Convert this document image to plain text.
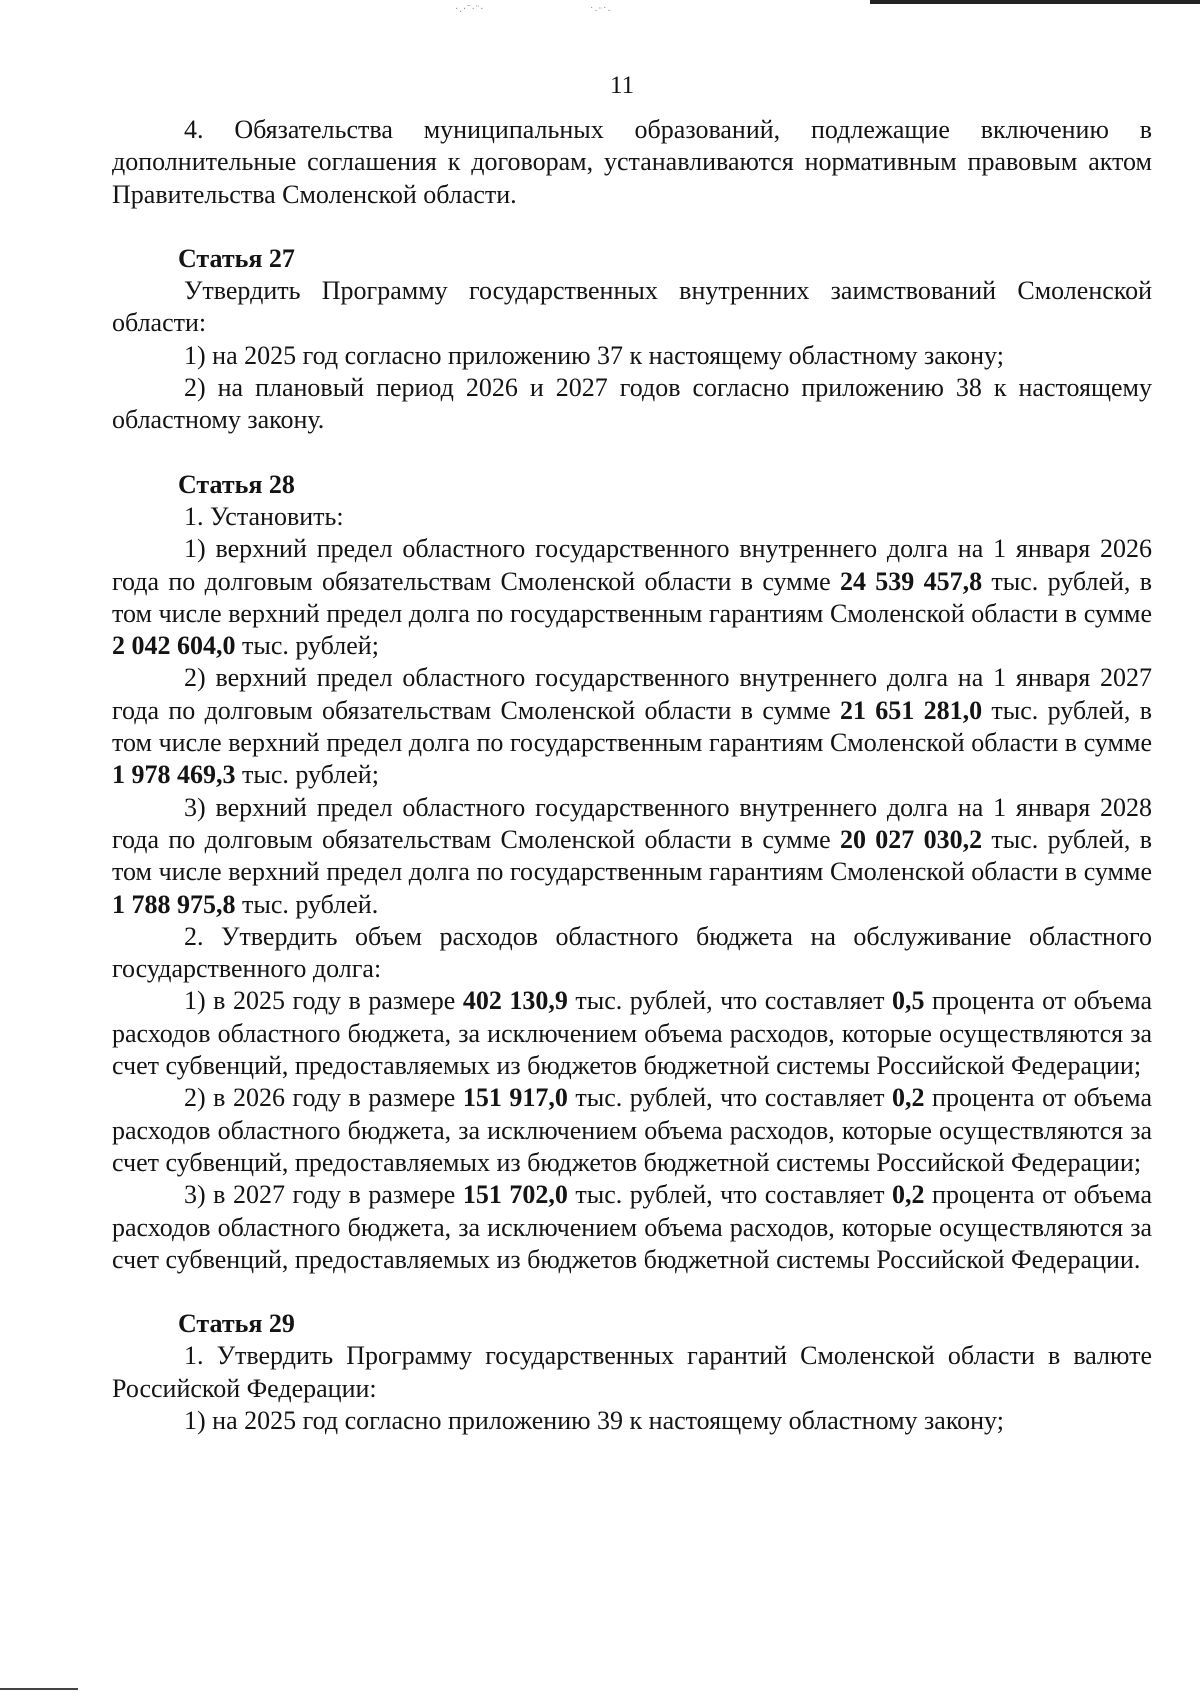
·.·˜·¨·	˙·¨˙·
11

4. Обязательства муниципальных образований, подлежащие включению в дополнительные соглашения к договорам, устанавливаются нормативным правовым актом Правительства Смоленской области.

Статья 27

Утвердить Программу государственных внутренних заимствований Смоленской области:

1) на 2025 год согласно приложению 37 к настоящему областному закону;

2) на плановый период 2026 и 2027 годов согласно приложению 38 к настоящему областному закону.

Статья 28

1. Установить:

1) верхний предел областного государственного внутреннего долга на 1 января 2026 года по долговым обязательствам Смоленской области в сумме 24 539 457,8 тыс. рублей, в том числе верхний предел долга по государственным гарантиям Смоленской области в сумме 2 042 604,0 тыс. рублей;

2) верхний предел областного государственного внутреннего долга на 1 января 2027 года по долговым обязательствам Смоленской области в сумме 21 651 281,0 тыс. рублей, в том числе верхний предел долга по государственным гарантиям Смоленской области в сумме 1 978 469,3 тыс. рублей;

3) верхний предел областного государственного внутреннего долга на 1 января 2028 года по долговым обязательствам Смоленской области в сумме 20 027 030,2 тыс. рублей, в том числе верхний предел долга по государственным гарантиям Смоленской области в сумме 1 788 975,8 тыс. рублей.

2. Утвердить объем расходов областного бюджета на обслуживание областного государственного долга:

1) в 2025 году в размере 402 130,9 тыс. рублей, что составляет 0,5 процента от объема расходов областного бюджета, за исключением объема расходов, которые осуществляются за счет субвенций, предоставляемых из бюджетов бюджетной системы Российской Федерации;

2) в 2026 году в размере 151 917,0 тыс. рублей, что составляет 0,2 процента от объема расходов областного бюджета, за исключением объема расходов, которые осуществляются за счет субвенций, предоставляемых из бюджетов бюджетной системы Российской Федерации;

3) в 2027 году в размере 151 702,0 тыс. рублей, что составляет 0,2 процента от объема расходов областного бюджета, за исключением объема расходов, которые осуществляются за счет субвенций, предоставляемых из бюджетов бюджетной системы Российской Федерации.

Статья 29

1. Утвердить Программу государственных гарантий Смоленской области в валюте Российской Федерации:

1) на 2025 год согласно приложению 39 к настоящему областному закону;
